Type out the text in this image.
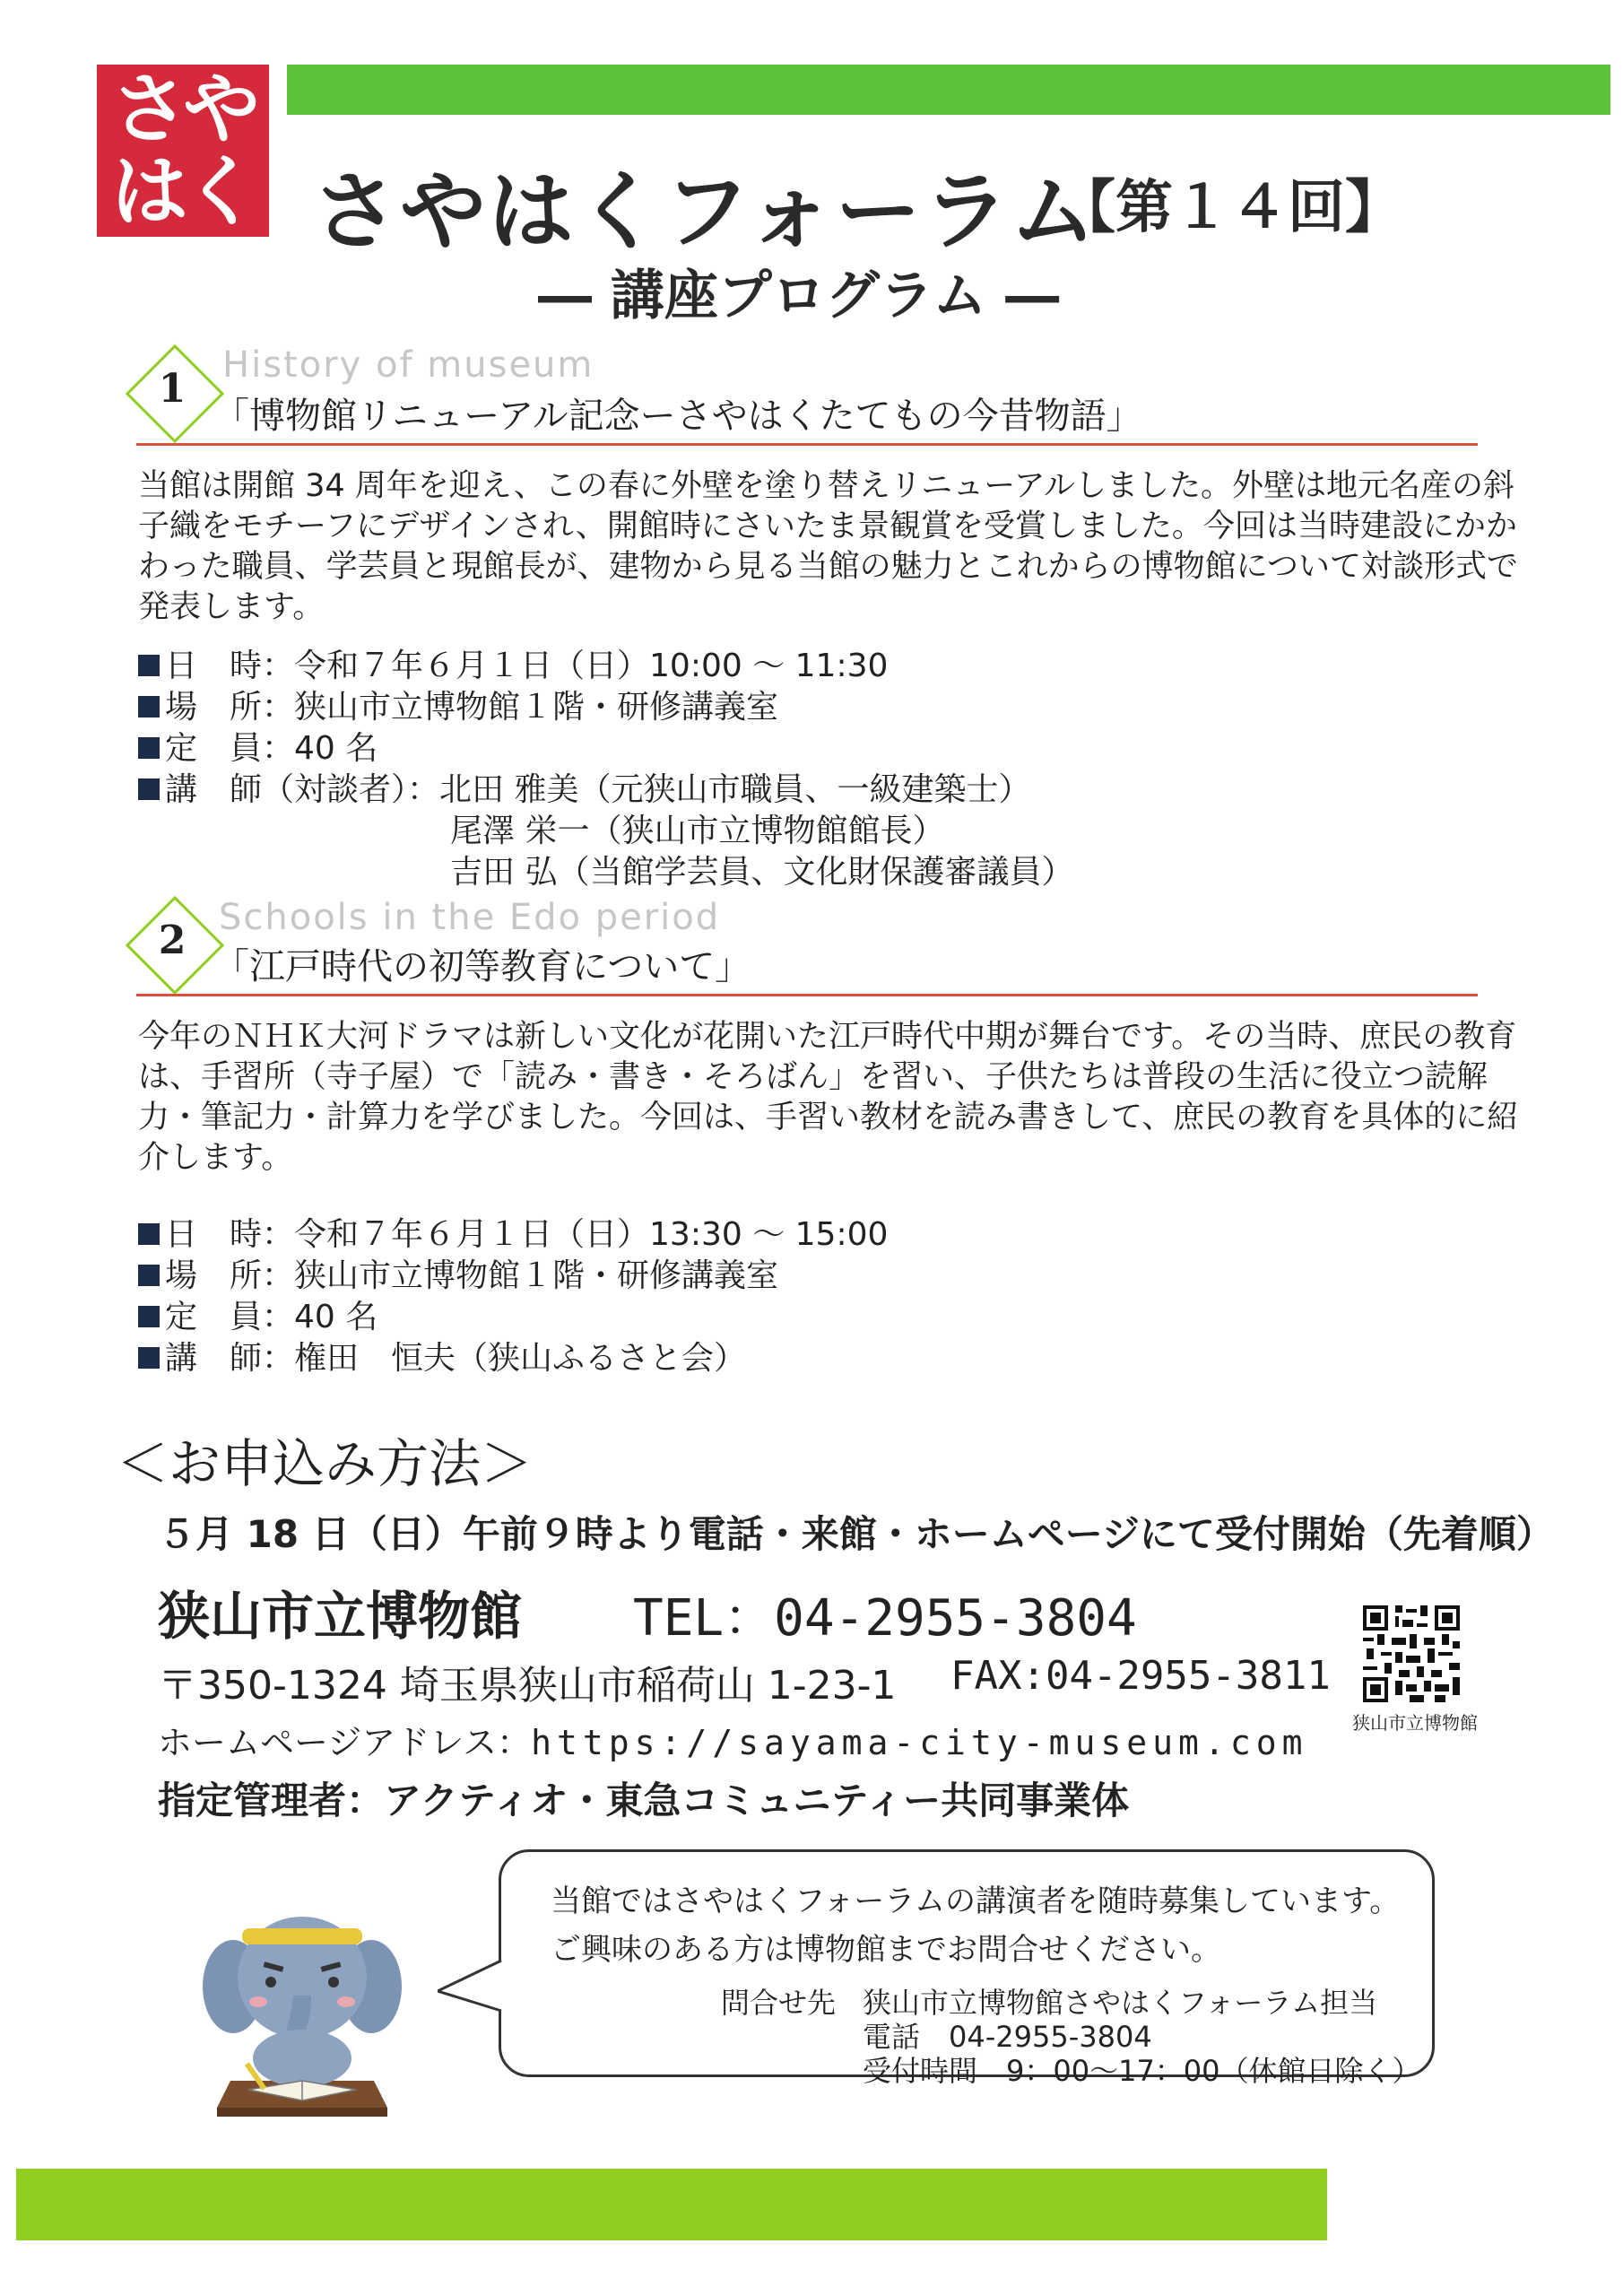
さや
はく さやはくフォーラム
【第１４回】
― 講座プログラム ―
1
History of museum
「博物館リニューアル記念ーさやはくたてもの今昔物語」
当館は開館 34 周年を迎え、この春に外壁を塗り替えリニューアルしました。外壁は地元名産の斜子織をモチーフにデザインされ、開館時にさいたま景観賞を受賞しました。今回は当時建設にかかわった職員、学芸員と現館長が、建物から見る当館の魅力とこれからの博物館について対談形式で発表します。
日　時：令和７年６月１日（日）10:00 ～ 11:30
場　所：狭山市立博物館１階・研修講義室
定　員：40 名
講　師（対談者）：北田 雅美（元狭山市職員、一級建築士）
尾澤 栄一（狭山市立博物館館長）
吉田 弘（当館学芸員、文化財保護審議員）
2 Schools in the Edo period
「江戸時代の初等教育について」
今年のＮＨＫ大河ドラマは新しい文化が花開いた江戸時代中期が舞台です。その当時、庶民の教育は、手習所（寺子屋）で「読み・書き・そろばん」を習い、子供たちは普段の生活に役立つ読解力・筆記力・計算力を学びました。今回は、手習い教材を読み書きして、庶民の教育を具体的に紹介します。
日　時：令和７年６月１日（日）13:30 ～ 15:00
場　所：狭山市立博物館１階・研修講義室
定　員：40 名
講　師：権田　恒夫（狭山ふるさと会）
＜お申込み方法＞
５月 18 日（日）午前９時より電話・来館・ホームページにて受付開始（先着順）
狭山市立博物館 TEL：04-2955-3804
〒350-1324 埼玉県狭山市稲荷山 1-23-1 FAX:04-2955-3811
ホームページアドレス：https://sayama-city-museum.com
指定管理者：アクティオ・東急コミュニティー共同事業体
狭山市立博物館
当館ではさやはくフォーラムの講演者を随時募集しています。
ご興味のある方は博物館までお問合せください。
問合せ先 狭山市立博物館さやはくフォーラム担当
電話　04-2955-3804
受付時間　9：00～17：00（休館日除く）
